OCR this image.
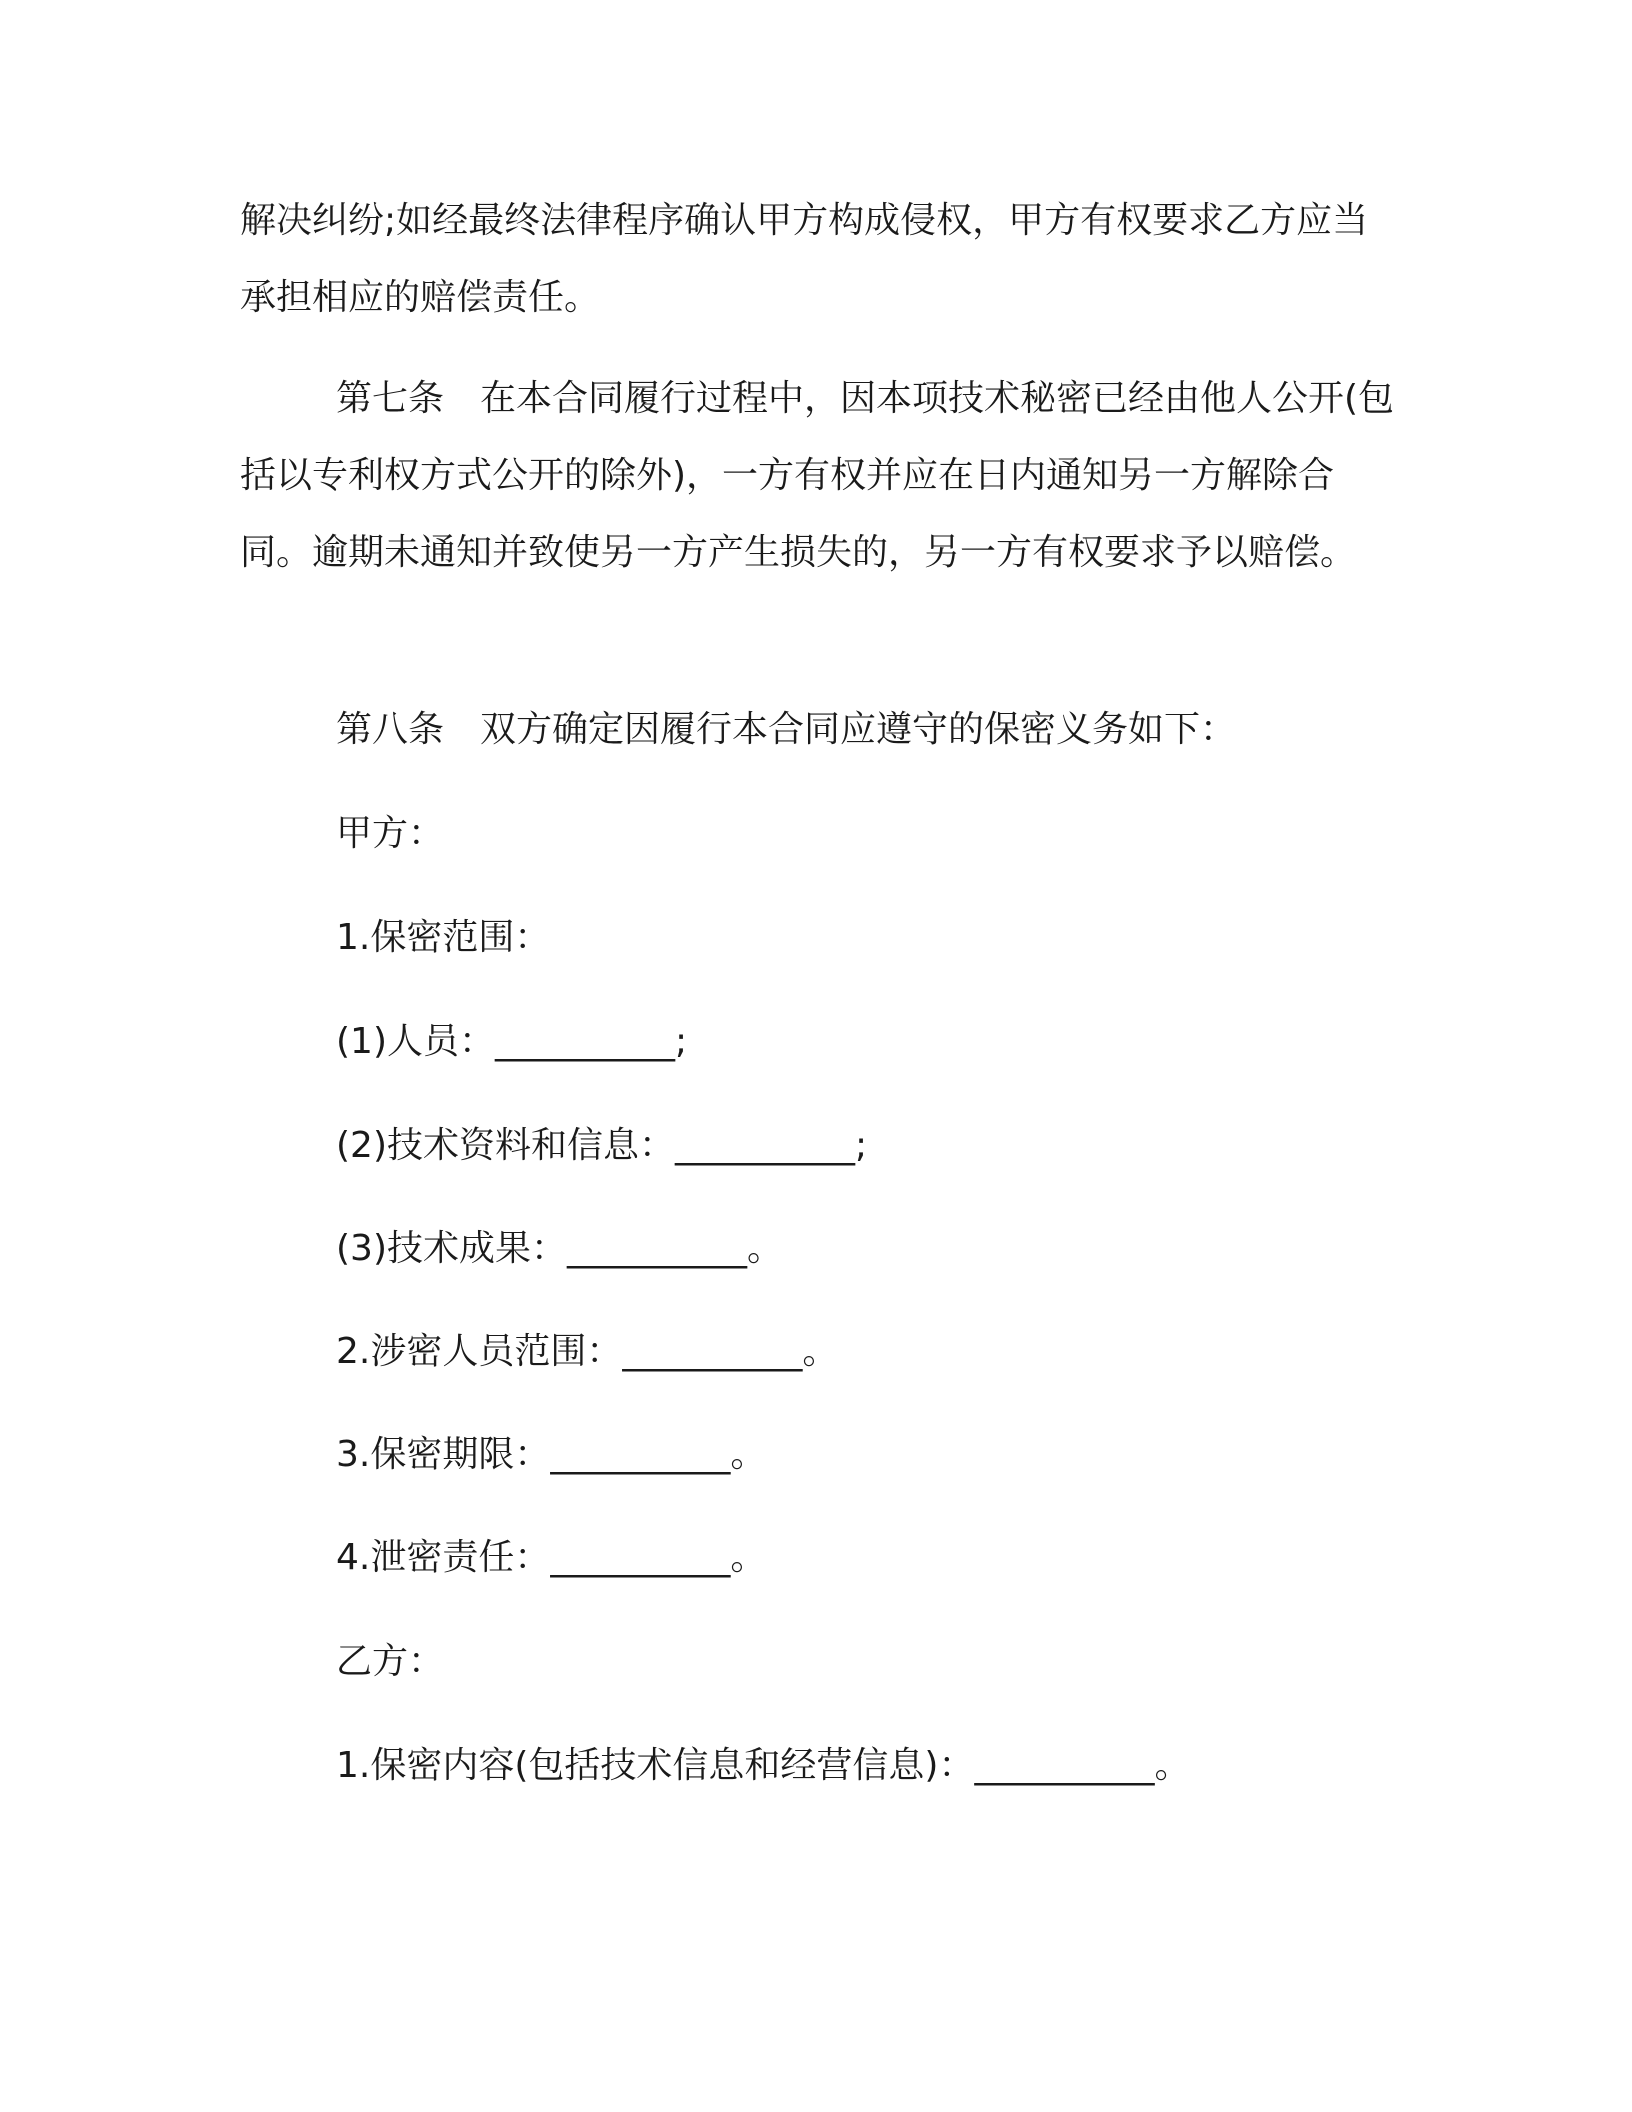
解决纠纷;如经最终法律程序确认甲方构成侵权，甲方有权要求乙方应当承担相应的赔偿责任。

第七条　在本合同履行过程中，因本项技术秘密已经由他人公开(包括以专利权方式公开的除外)，一方有权并应在日内通知另一方解除合同。逾期未通知并致使另一方产生损失的，另一方有权要求予以赔偿。

第八条　双方确定因履行本合同应遵守的保密义务如下：

甲方：

1.保密范围：

(1)人员：__________;

(2)技术资料和信息：__________;

(3)技术成果：__________。

2.涉密人员范围：__________。

3.保密期限：__________。

4.泄密责任：__________。

乙方：

1.保密内容(包括技术信息和经营信息)：__________。
